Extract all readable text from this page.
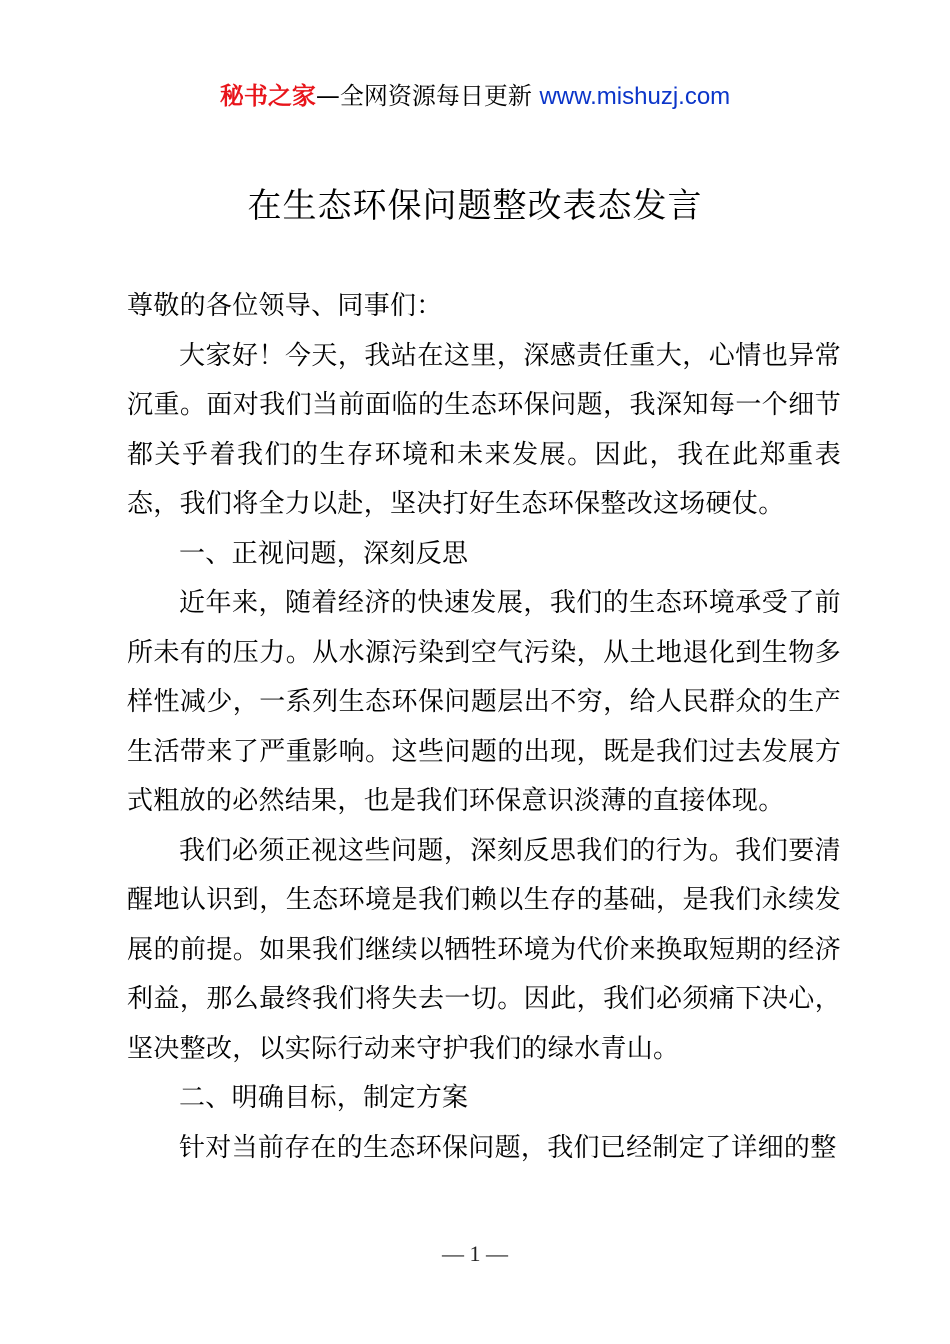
秘书之家—全网资源每日更新 www.mishuzj.com
在生态环保问题整改表态发言

尊敬的各位领导、同事们：

大家好！今天，我站在这里，深感责任重大，心情也异常沉重。面对我们当前面临的生态环保问题，我深知每一个细节都关乎着我们的生存环境和未来发展。因此，我在此郑重表态，我们将全力以赴，坚决打好生态环保整改这场硬仗。

一、正视问题，深刻反思

近年来，随着经济的快速发展，我们的生态环境承受了前所未有的压力。从水源污染到空气污染，从土地退化到生物多样性减少，一系列生态环保问题层出不穷，给人民群众的生产生活带来了严重影响。这些问题的出现，既是我们过去发展方式粗放的必然结果，也是我们环保意识淡薄的直接体现。

我们必须正视这些问题，深刻反思我们的行为。我们要清醒地认识到，生态环境是我们赖以生存的基础，是我们永续发展的前提。如果我们继续以牺牲环境为代价来换取短期的经济利益，那么最终我们将失去一切。因此，我们必须痛下决心，坚决整改，以实际行动来守护我们的绿水青山。

二、明确目标，制定方案

针对当前存在的生态环保问题，我们已经制定了详细的整

— 1 —
